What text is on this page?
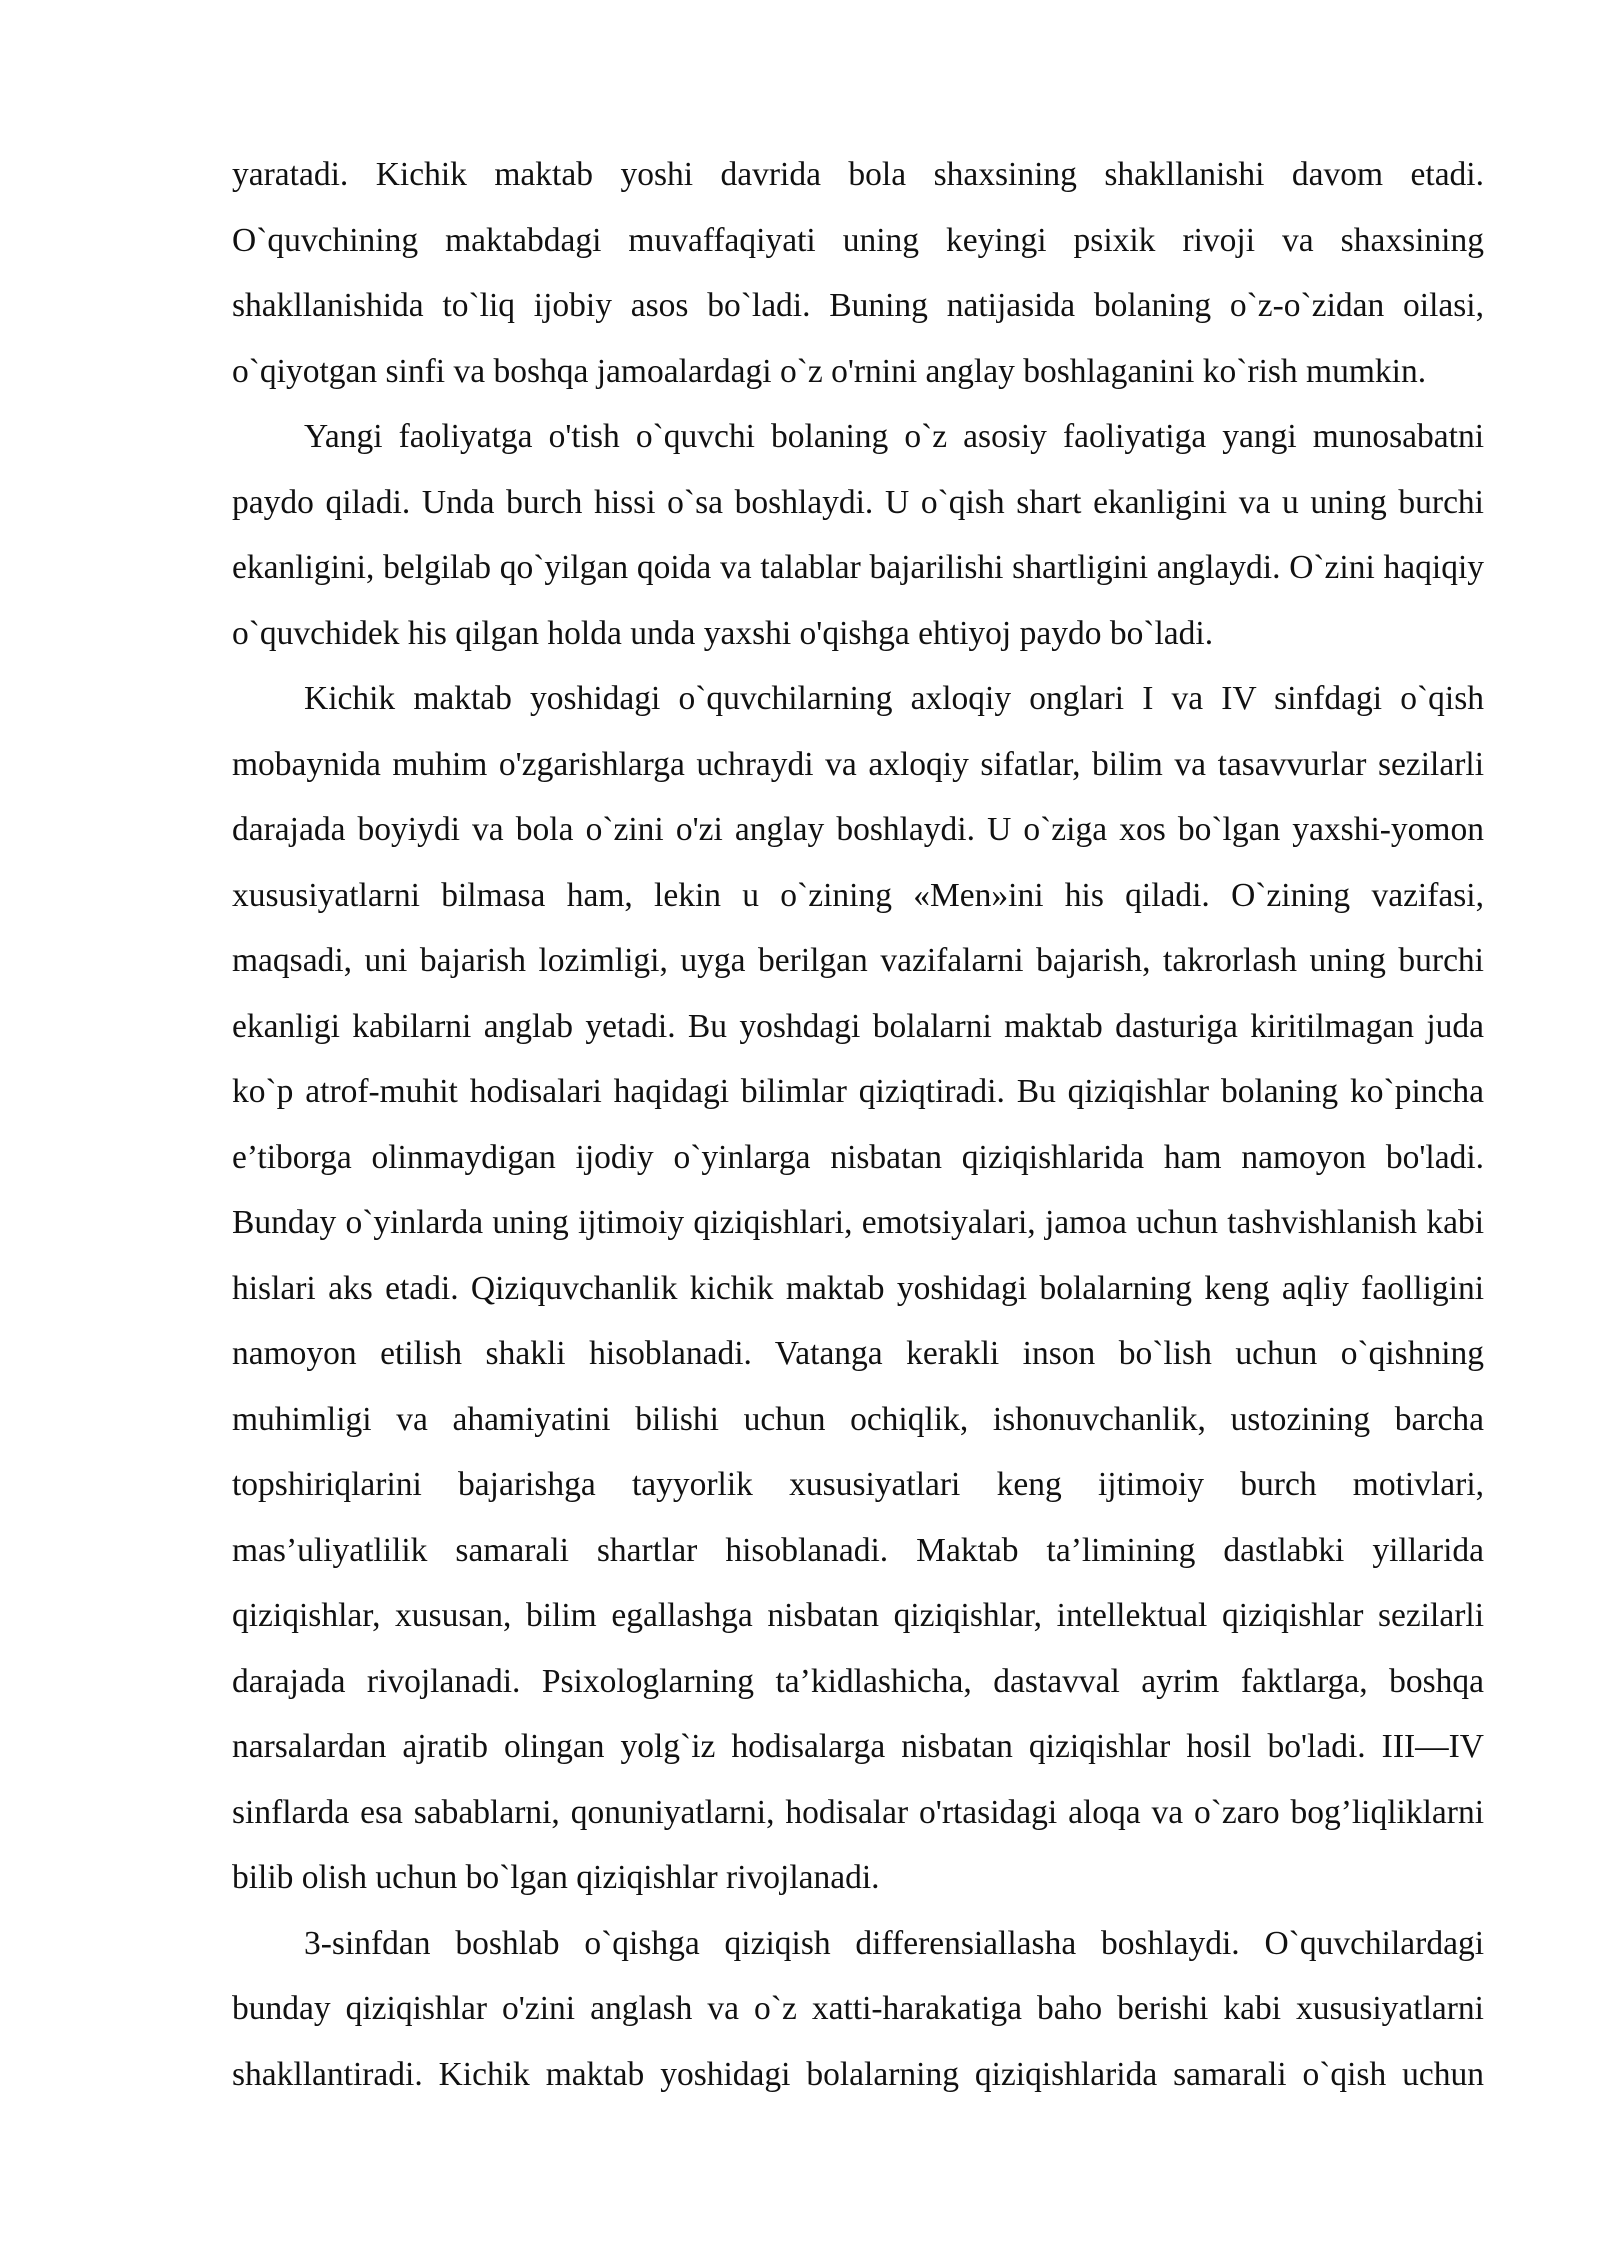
yaratadi. Kichik maktab yoshi davrida bola shaxsining shakllanishi davom etadi.
O`quvchining maktabdagi muvaffaqiyati uning keyingi psixik rivoji va shaxsining
shakllanishida to`liq ijobiy asos bo`ladi. Buning natijasida bolaning o`z-o`zidan oilasi,
o`qiyotgan sinfi va boshqa jamoalardagi o`z o'rnini anglay boshlaganini ko`rish mumkin.
Yangi faoliyatga o'tish o`quvchi bolaning o`z asosiy faoliyatiga yangi munosabatni
paydo qiladi. Unda burch hissi o`sa boshlaydi. U o`qish shart ekanligini va u uning burchi
ekanligini, belgilab qo`yilgan qoida va talablar bajarilishi shartligini anglaydi. O`zini haqiqiy
o`quvchidek his qilgan holda unda yaxshi o'qishga ehtiyoj paydo bo`ladi.
Kichik maktab yoshidagi o`quvchilarning axloqiy onglari I va IV sinfdagi o`qish
mobaynida muhim o'zgarishlarga uchraydi va axloqiy sifatlar, bilim va tasavvurlar sezilarli
darajada boyiydi va bola o`zini o'zi anglay boshlaydi. U o`ziga xos bo`lgan yaxshi-yomon
xususiyatlarni bilmasa ham, lekin u o`zining «Men»ini his qiladi. O`zining vazifasi,
maqsadi, uni bajarish lozimligi, uyga berilgan vazifalarni bajarish, takrorlash uning burchi
ekanligi kabilarni anglab yetadi. Bu yoshdagi bolalarni maktab dasturiga kiritilmagan juda
ko`p atrof-muhit hodisalari haqidagi bilimlar qiziqtiradi. Bu qiziqishlar bolaning ko`pincha
e’tiborga olinmaydigan ijodiy o`yinlarga nisbatan qiziqishlarida ham namoyon bo'ladi.
Bunday o`yinlarda uning ijtimoiy qiziqishlari, emotsiyalari, jamoa uchun tashvishlanish kabi
hislari aks etadi. Qiziquvchanlik kichik maktab yoshidagi bolalarning keng aqliy faolligini
namoyon etilish shakli hisoblanadi. Vatanga kerakli inson bo`lish uchun o`qishning
muhimligi va ahamiyatini bilishi uchun ochiqlik, ishonuvchanlik, ustozining barcha
topshiriqlarini bajarishga tayyorlik xususiyatlari keng ijtimoiy burch motivlari,
mas’uliyatlilik samarali shartlar hisoblanadi. Maktab ta’limining dastlabki yillarida
qiziqishlar, xususan, bilim egallashga nisbatan qiziqishlar, intellektual qiziqishlar sezilarli
darajada rivojlanadi. Psixologlarning ta’kidlashicha, dastavval ayrim faktlarga, boshqa
narsalardan ajratib olingan yolg`iz hodisalarga nisbatan qiziqishlar hosil bo'ladi. III—IV
sinflarda esa sabablarni, qonuniyatlarni, hodisalar o'rtasidagi aloqa va o`zaro bog’liqliklarni
bilib olish uchun bo`lgan qiziqishlar rivojlanadi.
3-sinfdan boshlab o`qishga qiziqish differensiallasha boshlaydi. O`quvchilardagi
bunday qiziqishlar o'zini anglash va o`z xatti-harakatiga baho berishi kabi xususiyatlarni
shakllantiradi. Kichik maktab yoshidagi bolalarning qiziqishlarida samarali o`qish uchun
